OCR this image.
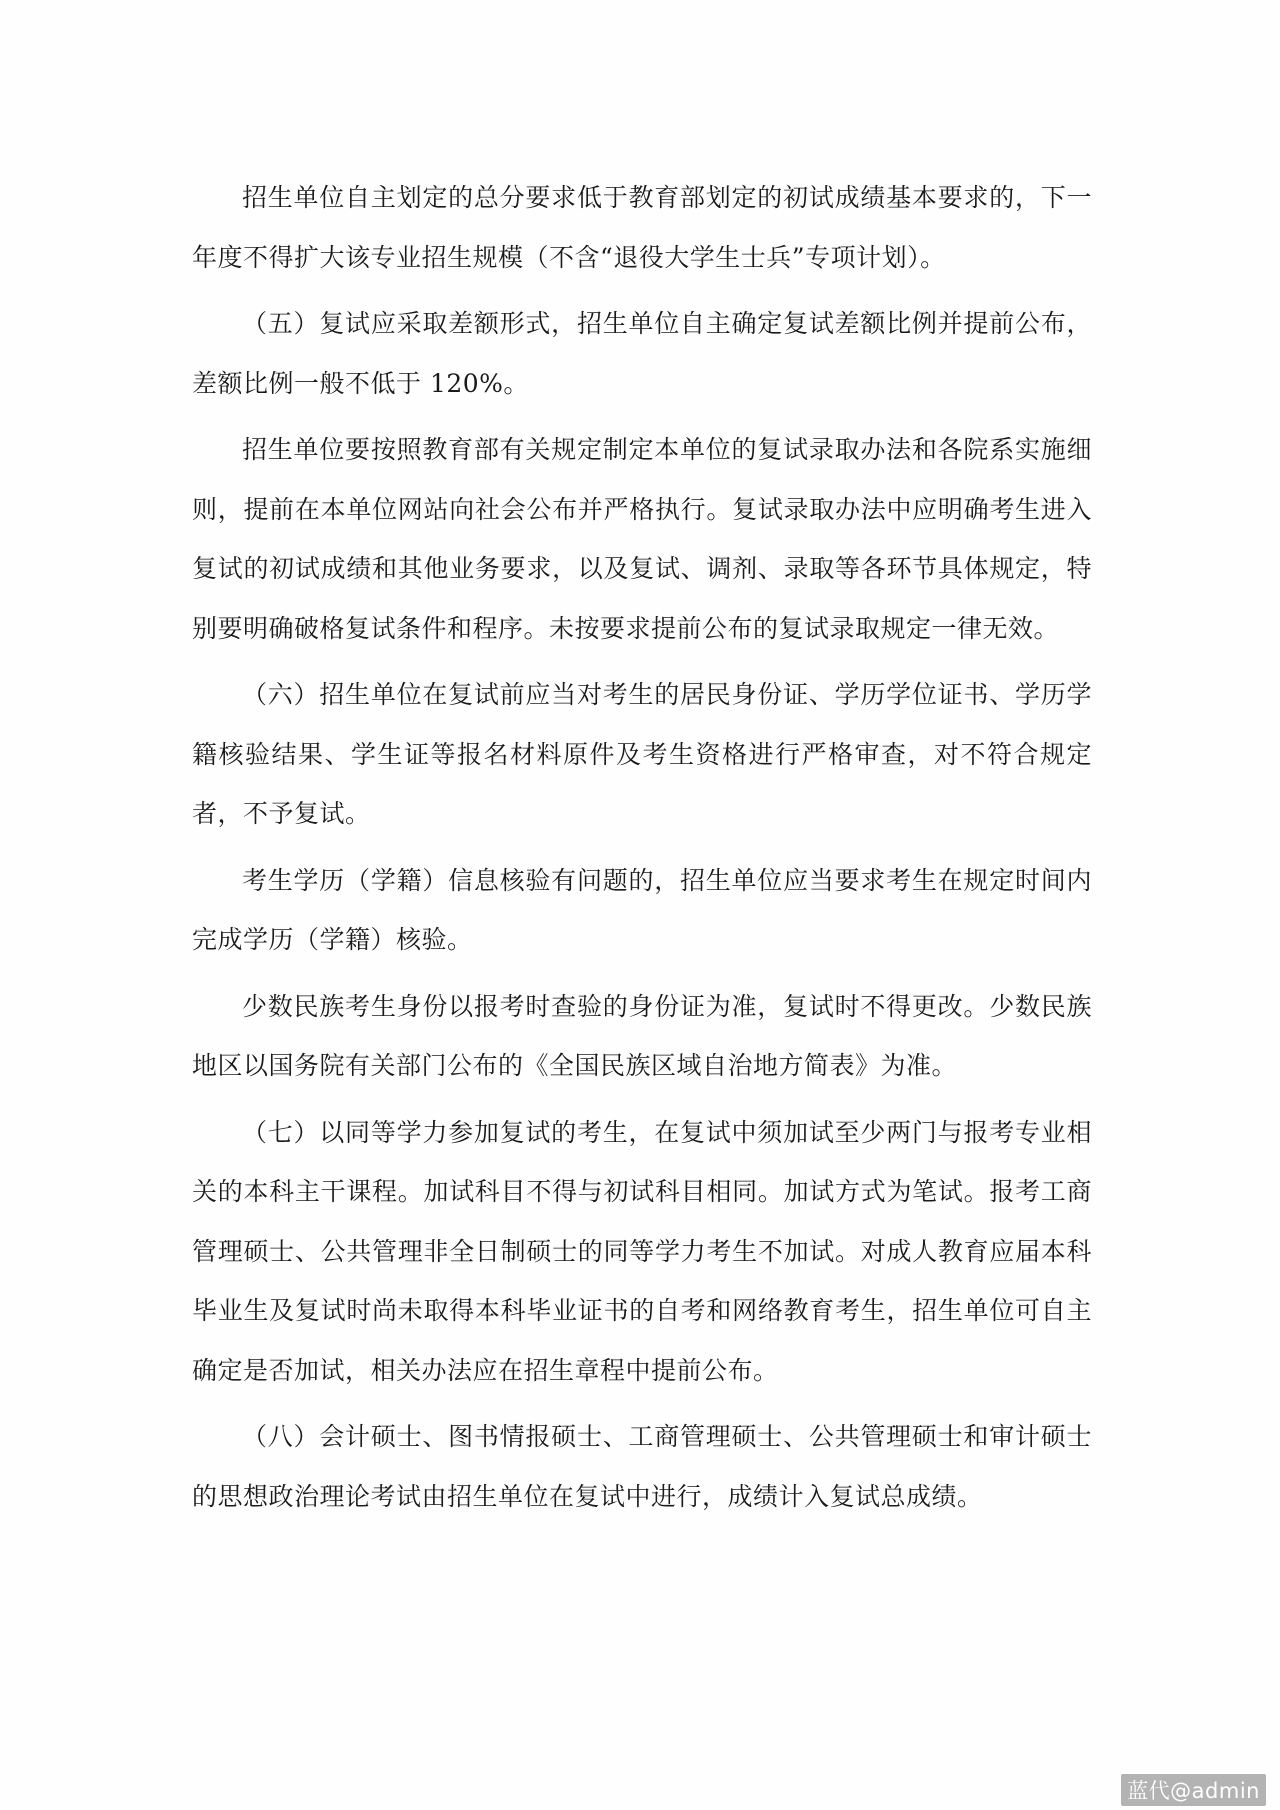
招生单位自主划定的总分要求低于教育部划定的初试成绩基本要求的，下一年度不得扩大该专业招生规模（不含“退役大学生士兵”专项计划）。

（五）复试应采取差额形式，招生单位自主确定复试差额比例并提前公布，差额比例一般不低于 120%。

招生单位要按照教育部有关规定制定本单位的复试录取办法和各院系实施细则，提前在本单位网站向社会公布并严格执行。复试录取办法中应明确考生进入复试的初试成绩和其他业务要求，以及复试、调剂、录取等各环节具体规定，特别要明确破格复试条件和程序。未按要求提前公布的复试录取规定一律无效。

（六）招生单位在复试前应当对考生的居民身份证、学历学位证书、学历学籍核验结果、学生证等报名材料原件及考生资格进行严格审查，对不符合规定者，不予复试。

考生学历（学籍）信息核验有问题的，招生单位应当要求考生在规定时间内完成学历（学籍）核验。

少数民族考生身份以报考时查验的身份证为准，复试时不得更改。少数民族地区以国务院有关部门公布的《全国民族区域自治地方简表》为准。

（七）以同等学力参加复试的考生，在复试中须加试至少两门与报考专业相关的本科主干课程。加试科目不得与初试科目相同。加试方式为笔试。报考工商管理硕士、公共管理非全日制硕士的同等学力考生不加试。对成人教育应届本科毕业生及复试时尚未取得本科毕业证书的自考和网络教育考生，招生单位可自主确定是否加试，相关办法应在招生章程中提前公布。

（八）会计硕士、图书情报硕士、工商管理硕士、公共管理硕士和审计硕士的思想政治理论考试由招生单位在复试中进行，成绩计入复试总成绩。

蓝代@admin
